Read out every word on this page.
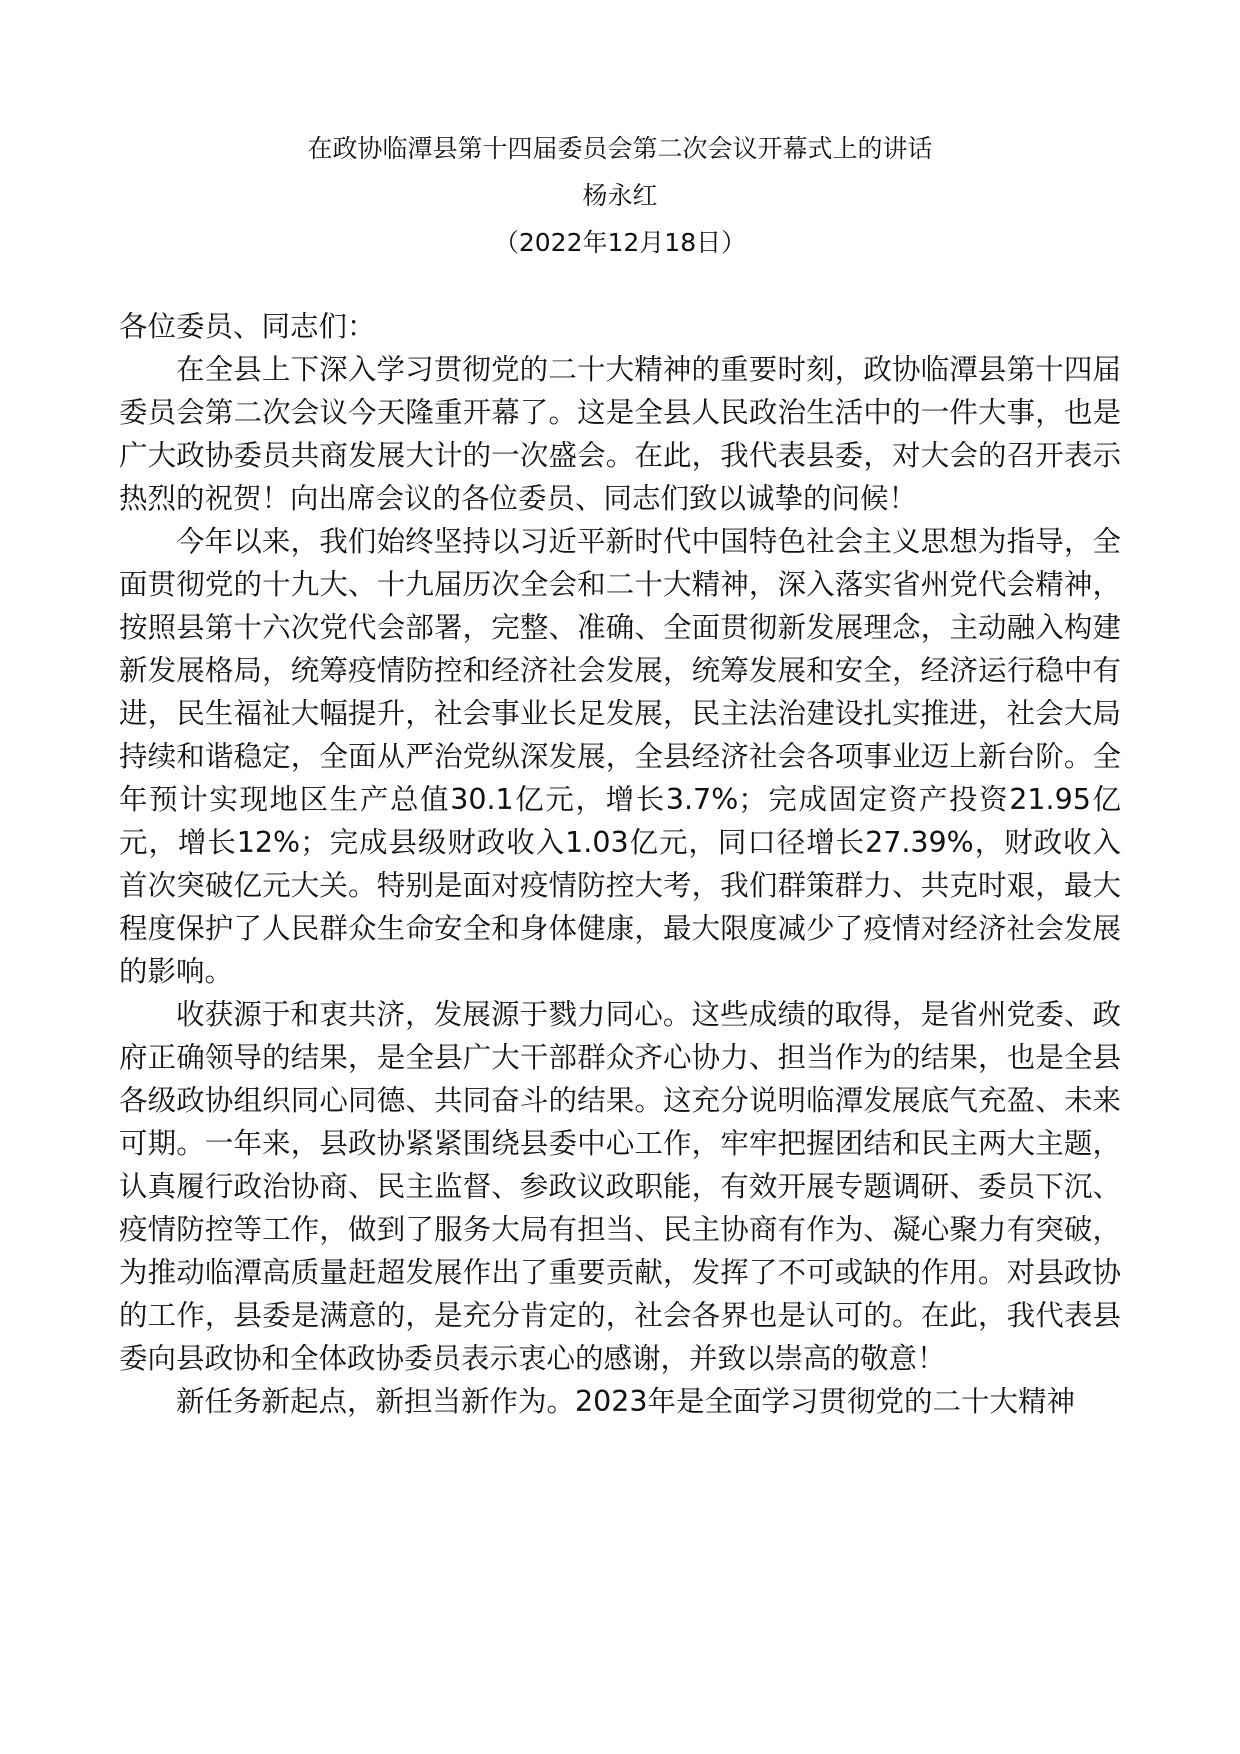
在政协临潭县第十四届委员会第二次会议开幕式上的讲话
杨永红
（2022年12月18日）

各位委员、同志们：

在全县上下深入学习贯彻党的二十大精神的重要时刻，政协临潭县第十四届委员会第二次会议今天隆重开幕了。这是全县人民政治生活中的一件大事，也是广大政协委员共商发展大计的一次盛会。在此，我代表县委，对大会的召开表示热烈的祝贺！向出席会议的各位委员、同志们致以诚挚的问候！

今年以来，我们始终坚持以习近平新时代中国特色社会主义思想为指导，全面贯彻党的十九大、十九届历次全会和二十大精神，深入落实省州党代会精神，按照县第十六次党代会部署，完整、准确、全面贯彻新发展理念，主动融入构建新发展格局，统筹疫情防控和经济社会发展，统筹发展和安全，经济运行稳中有进，民生福祉大幅提升，社会事业长足发展，民主法治建设扎实推进，社会大局持续和谐稳定，全面从严治党纵深发展，全县经济社会各项事业迈上新台阶。全年预计实现地区生产总值30.1亿元，增长3.7%；完成固定资产投资21.95亿元，增长12%；完成县级财政收入1.03亿元，同口径增长27.39%，财政收入首次突破亿元大关。特别是面对疫情防控大考，我们群策群力、共克时艰，最大程度保护了人民群众生命安全和身体健康，最大限度减少了疫情对经济社会发展的影响。

收获源于和衷共济，发展源于戮力同心。这些成绩的取得，是省州党委、政府正确领导的结果，是全县广大干部群众齐心协力、担当作为的结果，也是全县各级政协组织同心同德、共同奋斗的结果。这充分说明临潭发展底气充盈、未来可期。一年来，县政协紧紧围绕县委中心工作，牢牢把握团结和民主两大主题，认真履行政治协商、民主监督、参政议政职能，有效开展专题调研、委员下沉、疫情防控等工作，做到了服务大局有担当、民主协商有作为、凝心聚力有突破，为推动临潭高质量赶超发展作出了重要贡献，发挥了不可或缺的作用。对县政协的工作，县委是满意的，是充分肯定的，社会各界也是认可的。在此，我代表县委向县政协和全体政协委员表示衷心的感谢，并致以崇高的敬意！

新任务新起点，新担当新作为。2023年是全面学习贯彻党的二十大精神
